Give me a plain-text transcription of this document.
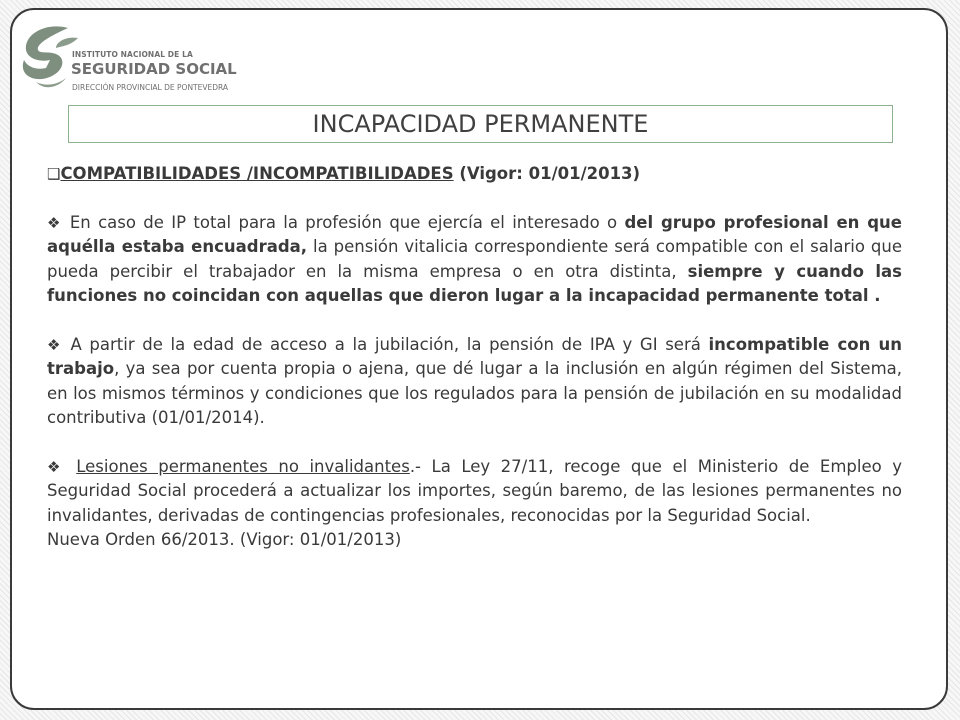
INSTITUTO NACIONAL DE LA
SEGURIDAD SOCIAL
DIRECCIÓN PROVINCIAL DE PONTEVEDRA
INCAPACIDAD PERMANENTE

❑COMPATIBILIDADES /INCOMPATIBILIDADES (Vigor: 01/01/2013)

❖ En caso de IP total para la profesión que ejercía el interesado o del grupo profesional en que aquélla estaba encuadrada, la pensión vitalicia correspondiente será compatible con el salario que pueda percibir el trabajador en la misma empresa o en otra distinta, siempre y cuando las funciones no coincidan con aquellas que dieron lugar a la incapacidad permanente total .

❖ A partir de la edad de acceso a la jubilación, la pensión de IPA y GI será incompatible con un trabajo, ya sea por cuenta propia o ajena, que dé lugar a la inclusión en algún régimen del Sistema, en los mismos términos y condiciones que los regulados para la pensión de jubilación en su modalidad contributiva (01/01/2014).

❖ Lesiones permanentes no invalidantes.- La Ley 27/11, recoge que el Ministerio de Empleo y Seguridad Social procederá a actualizar los importes, según baremo, de las lesiones permanentes no invalidantes, derivadas de contingencias profesionales, reconocidas por la Seguridad Social.

Nueva Orden 66/2013. (Vigor: 01/01/2013)
